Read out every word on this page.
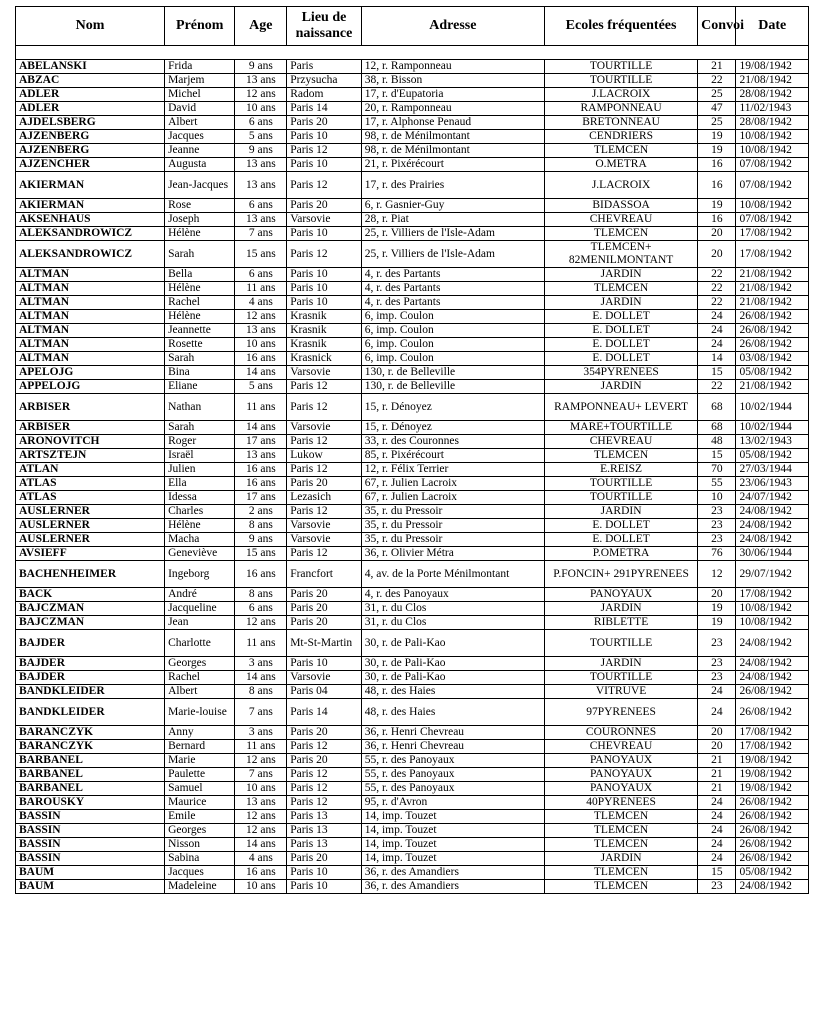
Nom	Prénom	Age	Lieu de naissance	Adresse	Ecoles fréquentées	Convoi	Date

ABELANSKI	Frida	9 ans	Paris	12, r. Ramponneau	TOURTILLE	21	19/08/1942
ABZAC	Marjem	13 ans	Przysucha	38, r. Bisson	TOURTILLE	22	21/08/1942
ADLER	Michel	12 ans	Radom	17, r. d'Eupatoria	J.LACROIX	25	28/08/1942
ADLER	David	10 ans	Paris 14	20, r. Ramponneau	RAMPONNEAU	47	11/02/1943
AJDELSBERG	Albert	6 ans	Paris 20	17, r. Alphonse Penaud	BRETONNEAU	25	28/08/1942
AJZENBERG	Jacques	5 ans	Paris 10	98, r. de Ménilmontant	CENDRIERS	19	10/08/1942
AJZENBERG	Jeanne	9 ans	Paris 12	98, r. de Ménilmontant	TLEMCEN	19	10/08/1942
AJZENCHER	Augusta	13 ans	Paris 10	21, r. Pixérécourt	O.METRA	16	07/08/1942
AKIERMAN	Jean-Jacques	13 ans	Paris 12	17, r. des Prairies	J.LACROIX	16	07/08/1942
AKIERMAN	Rose	6 ans	Paris 20	6, r. Gasnier-Guy	BIDASSOA	19	10/08/1942
AKSENHAUS	Joseph	13 ans	Varsovie	28, r. Piat	CHEVREAU	16	07/08/1942
ALEKSANDROWICZ	Hélène	7 ans	Paris 10	25, r. Villiers de l'Isle-Adam	TLEMCEN	20	17/08/1942
ALEKSANDROWICZ	Sarah	15 ans	Paris 12	25, r. Villiers de l'Isle-Adam	TLEMCEN+ 82MENILMONTANT	20	17/08/1942
ALTMAN	Bella	6 ans	Paris 10	4, r. des Partants	JARDIN	22	21/08/1942
ALTMAN	Hélène	11 ans	Paris 10	4, r. des Partants	TLEMCEN	22	21/08/1942
ALTMAN	Rachel	4 ans	Paris 10	4, r. des Partants	JARDIN	22	21/08/1942
ALTMAN	Hélène	12 ans	Krasnik	6, imp. Coulon	E. DOLLET	24	26/08/1942
ALTMAN	Jeannette	13 ans	Krasnik	6, imp. Coulon	E. DOLLET	24	26/08/1942
ALTMAN	Rosette	10 ans	Krasnik	6, imp. Coulon	E. DOLLET	24	26/08/1942
ALTMAN	Sarah	16 ans	Krasnick	6, imp. Coulon	E. DOLLET	14	03/08/1942
APELOJG	Bina	14 ans	Varsovie	130, r. de Belleville	354PYRENEES	15	05/08/1942
APPELOJG	Eliane	5 ans	Paris 12	130, r. de Belleville	JARDIN	22	21/08/1942
ARBISER	Nathan	11 ans	Paris 12	15, r. Dénoyez	RAMPONNEAU+ LEVERT	68	10/02/1944
ARBISER	Sarah	14 ans	Varsovie	15, r. Dénoyez	MARE+TOURTILLE	68	10/02/1944
ARONOVITCH	Roger	17 ans	Paris 12	33, r. des Couronnes	CHEVREAU	48	13/02/1943
ARTSZTEJN	Israël	13 ans	Lukow	85, r. Pixérécourt	TLEMCEN	15	05/08/1942
ATLAN	Julien	16 ans	Paris 12	12, r. Félix Terrier	E.REISZ	70	27/03/1944
ATLAS	Ella	16 ans	Paris 20	67, r. Julien Lacroix	TOURTILLE	55	23/06/1943
ATLAS	Idessa	17 ans	Lezasich	67, r. Julien Lacroix	TOURTILLE	10	24/07/1942
AUSLERNER	Charles	2 ans	Paris 12	35, r. du Pressoir	JARDIN	23	24/08/1942
AUSLERNER	Hélène	8 ans	Varsovie	35, r. du Pressoir	E. DOLLET	23	24/08/1942
AUSLERNER	Macha	9 ans	Varsovie	35, r. du Pressoir	E. DOLLET	23	24/08/1942
AVSIEFF	Geneviève	15 ans	Paris 12	36, r. Olivier Métra	P.OMETRA	76	30/06/1944
BACHENHEIMER	Ingeborg	16 ans	Francfort	4, av. de la Porte Ménilmontant	P.FONCIN+ 291PYRENEES	12	29/07/1942
BACK	André	8 ans	Paris 20	4, r. des Panoyaux	PANOYAUX	20	17/08/1942
BAJCZMAN	Jacqueline	6 ans	Paris 20	31, r. du Clos	JARDIN	19	10/08/1942
BAJCZMAN	Jean	12 ans	Paris 20	31, r. du Clos	RIBLETTE	19	10/08/1942
BAJDER	Charlotte	11 ans	Mt-St-Martin	30, r. de Pali-Kao	TOURTILLE	23	24/08/1942
BAJDER	Georges	3 ans	Paris 10	30, r. de Pali-Kao	JARDIN	23	24/08/1942
BAJDER	Rachel	14 ans	Varsovie	30, r. de Pali-Kao	TOURTILLE	23	24/08/1942
BANDKLEIDER	Albert	8 ans	Paris 04	48, r. des Haies	VITRUVE	24	26/08/1942
BANDKLEIDER	Marie-louise	7 ans	Paris 14	48, r. des Haies	97PYRENEES	24	26/08/1942
BARANCZYK	Anny	3 ans	Paris 20	36, r. Henri Chevreau	COURONNES	20	17/08/1942
BARANCZYK	Bernard	11 ans	Paris 12	36, r. Henri Chevreau	CHEVREAU	20	17/08/1942
BARBANEL	Marie	12 ans	Paris 20	55, r. des Panoyaux	PANOYAUX	21	19/08/1942
BARBANEL	Paulette	7 ans	Paris 12	55, r. des Panoyaux	PANOYAUX	21	19/08/1942
BARBANEL	Samuel	10 ans	Paris 12	55, r. des Panoyaux	PANOYAUX	21	19/08/1942
BAROUSKY	Maurice	13 ans	Paris 12	95, r. d'Avron	40PYRENEES	24	26/08/1942
BASSIN	Emile	12 ans	Paris 13	14, imp. Touzet	TLEMCEN	24	26/08/1942
BASSIN	Georges	12 ans	Paris 13	14, imp. Touzet	TLEMCEN	24	26/08/1942
BASSIN	Nisson	14 ans	Paris 13	14, imp. Touzet	TLEMCEN	24	26/08/1942
BASSIN	Sabina	4 ans	Paris 20	14, imp. Touzet	JARDIN	24	26/08/1942
BAUM	Jacques	16 ans	Paris 10	36, r. des Amandiers	TLEMCEN	15	05/08/1942
BAUM	Madeleine	10 ans	Paris 10	36, r. des Amandiers	TLEMCEN	23	24/08/1942
